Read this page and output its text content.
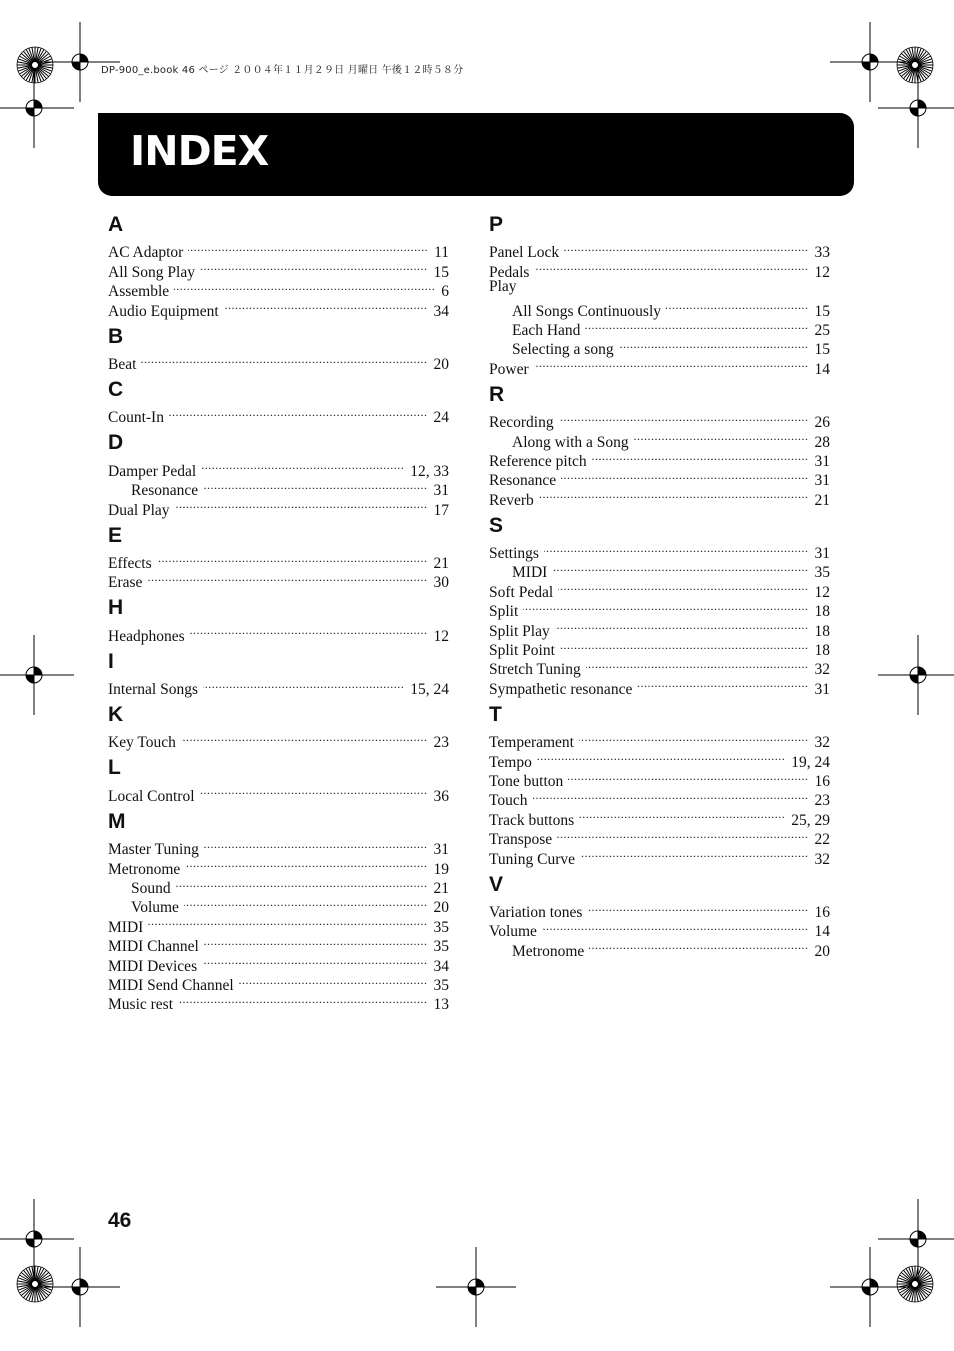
DP-900_e.book 46 ページ ２００４年１１月２９日 月曜日 午後１２時５８分
INDEX
A
AC Adaptor .....	11
All Song Play .....	15
Assemble .....	6
Audio Equipment .....	34
B
Beat .....	20
C
Count-In .....	24
D
Damper Pedal .....	12, 33
Resonance .....	31
Dual Play .....	17
E
Effects .....	21
Erase .....	30
H
Headphones .....	12
I
Internal Songs .....	15, 24
K
Key Touch .....	23
L
Local Control .....	36
M
Master Tuning .....	31
Metronome .....	19
Sound .....	21
Volume .....	20
MIDI .....	35
MIDI Channel .....	35
MIDI Devices .....	34
MIDI Send Channel .....	35
Music rest .....	13
P
Panel Lock .....	33
Pedals .....	12
Play
All Songs Continuously .....	15
Each Hand .....	25
Selecting a song .....	15
Power .....	14
R
Recording .....	26
Along with a Song .....	28
Reference pitch .....	31
Resonance .....	31
Reverb .....	21
S
Settings .....	31
MIDI .....	35
Soft Pedal .....	12
Split .....	18
Split Play .....	18
Split Point .....	18
Stretch Tuning .....	32
Sympathetic resonance .....	31
T
Temperament .....	32
Tempo .....	19, 24
Tone button .....	16
Touch .....	23
Track buttons .....	25, 29
Transpose .....	22
Tuning Curve .....	32
V
Variation tones .....	16
Volume .....	14
Metronome .....	20
46
